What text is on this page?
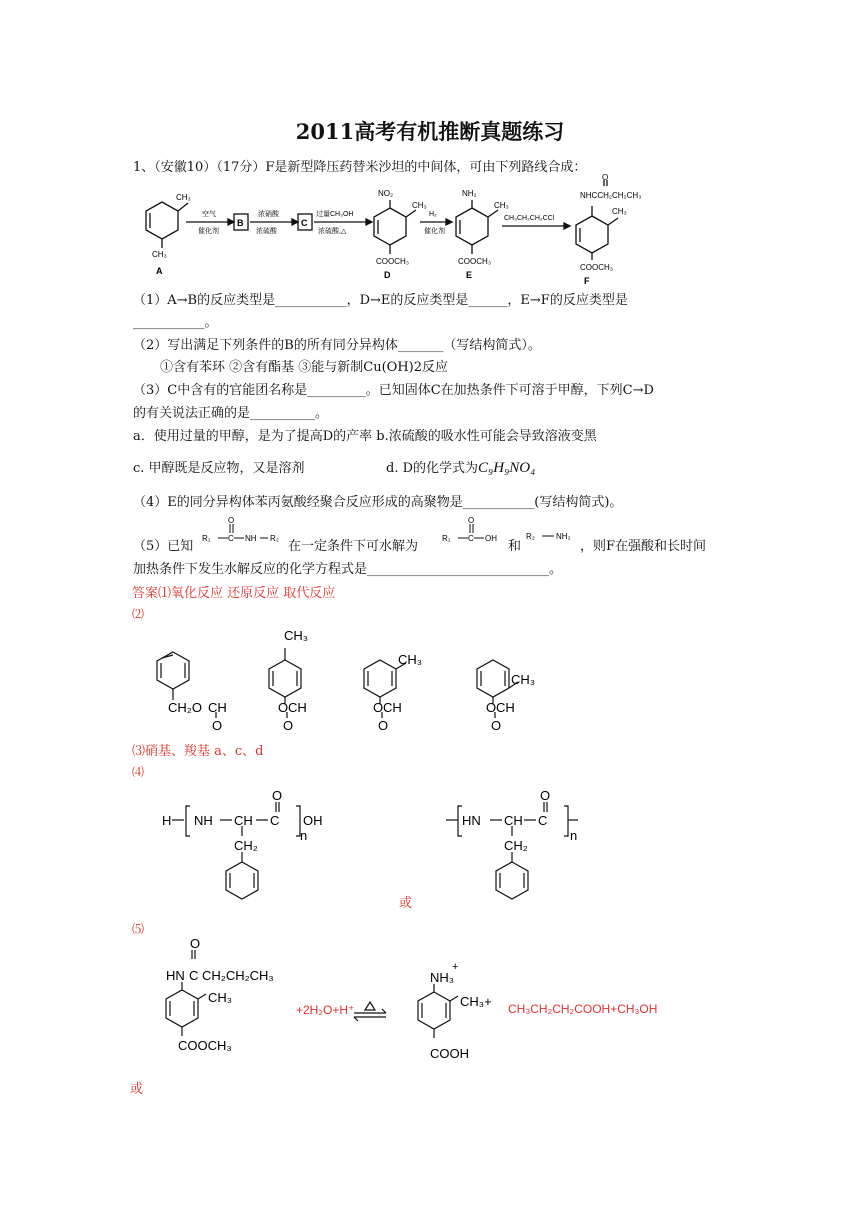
2011高考有机推断真题练习
1、（安徽10）（17分）F是新型降压药替米沙坦的中间体，可由下列路线合成：
CH₃
CH₃
A
空气
催化剂
B
浓硝酸
浓硫酸
C
过量CH₃OH
浓硫酸,△
NO₂
CH₃
COOCH₃
D
H₂
催化剂
NH₂
CH₃
COOCH₃
E
CH₃CH₂CH₂CCl
O
NHCCH₂CH₂CH₃
CH₃
COOCH₃
F
（1）A→B的反应类型是___________，D→E的反应类型是______，E→F的反应类型是
___________。
（2）写出满足下列条件的B的所有同分异构体_______（写结构简式）。
①含有苯环 ②含有酯基 ③能与新制Cu(OH)2反应
（3）C中含有的官能团名称是_________。已知固体C在加热条件下可溶于甲醇，下列C→D
的有关说法正确的是__________。
a．使用过量的甲醇，是为了提高D的产率 b.浓硫酸的吸水性可能会导致溶液变黑
c. 甲醇既是反应物，又是溶剂	d. D的化学式为C₉H₉NO₄
（4）E的同分异构体苯丙氨酸经聚合反应形成的高聚物是___________(写结构简式)。
（5）已知
O
R₁ C NH R₂
在一定条件下可水解为
O
R₁ C OH
和
R₂	NH₂
，则F在强酸和长时间
加热条件下发生水解反应的化学方程式是____________________________。
答案⑴氧化反应 还原反应 取代反应
⑵
CH₂O CH
O
CH₃
O CH
O
CH₃
O CH
O
CH₃
O CH
O
⑶硝基、羧基 a、c、d
⑷
H NH CH C
O
OH
n
CH₂
HN CH C
O
n
CH₂
或
⑸
O
HN C CH₂CH₂CH₃
CH₃
COOCH₃
+2H₂O+H⁺
NH₃
+
CH₃+ CH₃CH₂CH₂COOH+CH₃OH
COOH
或
